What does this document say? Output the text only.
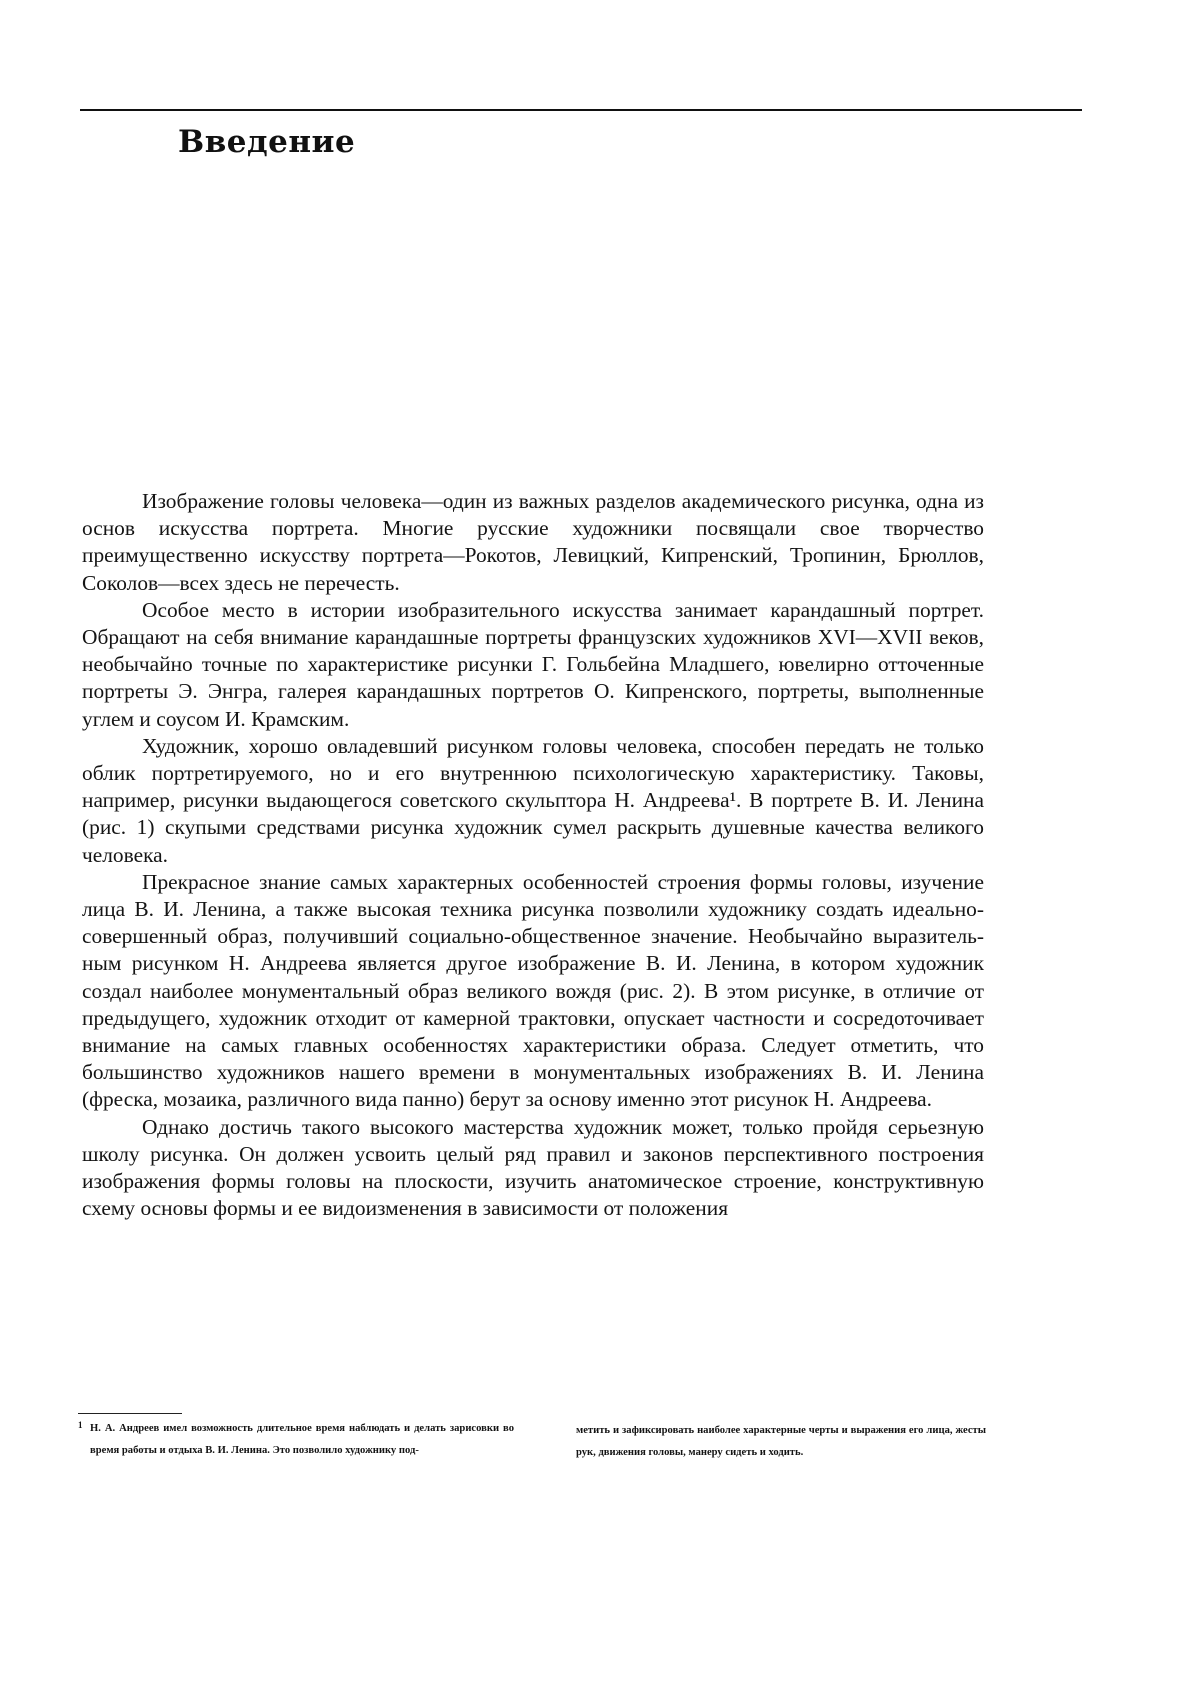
Введение

Изображение головы человека—один из важных разделов академического рисунка, одна из основ искусства портрета. Многие русские художники посвящали свое творчество преимущественно искусству портрета—Рокотов, Левицкий, Кипренский, Тропинин, Брюллов, Соколов—всех здесь не перечесть.

Особое место в истории изобразительного искусства занимает карандашный портрет. Обращают на себя внимание карандашные портреты французских художников XVI—XVII веков, необычайно точные по характеристике рисунки Г. Гольбейна Младшего, ювелирно отточенные портреты Э. Энгра, галерея карандашных портретов О. Кипренского, портреты, выполненные углем и соусом И. Крамским.

Художник, хорошо овладевший рисунком головы человека, способен передать не только облик портретируемого, но и его внутреннюю психологическую характеристику. Таковы, например, рисунки выдающегося советского скульптора Н. Андреева¹. В портрете В. И. Ленина (рис. 1) скупыми средствами рисунка художник сумел раскрыть душевные качества великого человека.

Прекрасное знание самых характерных особенностей строения формы головы, изучение лица В. И. Ленина, а также высокая техника рисунка позволили художнику создать идеально-совершенный образ, получивший социально-общественное значение. Необычайно выразительным рисунком Н. Андреева является другое изображение В. И. Ленина, в котором художник создал наиболее монументальный образ великого вождя (рис. 2). В этом рисунке, в отличие от предыдущего, художник отходит от камерной трактовки, опускает частности и сосредоточивает внимание на самых главных особенностях характеристики образа. Следует отметить, что большинство художников нашего времени в монументальных изображениях В. И. Ленина (фреска, мозаика, различного вида панно) берут за основу именно этот рисунок Н. Андреева.

Однако достичь такого высокого мастерства художник может, только пройдя серьезную школу рисунка. Он должен усвоить целый ряд правил и законов перспективного построения изображения формы головы на плоскости, изучить анатомическое строение, конструктивную схему основы формы и ее видоизменения в зависимости от положения

1 Н. А. Андреев имел возможность длительное время наблюдать и делать зарисовки во время работы и отдыха В. И. Ленина. Это позволило художнику под-
метить и зафиксировать наиболее характерные черты и выражения его лица, жесты рук, движения головы, манеру сидеть и ходить.
